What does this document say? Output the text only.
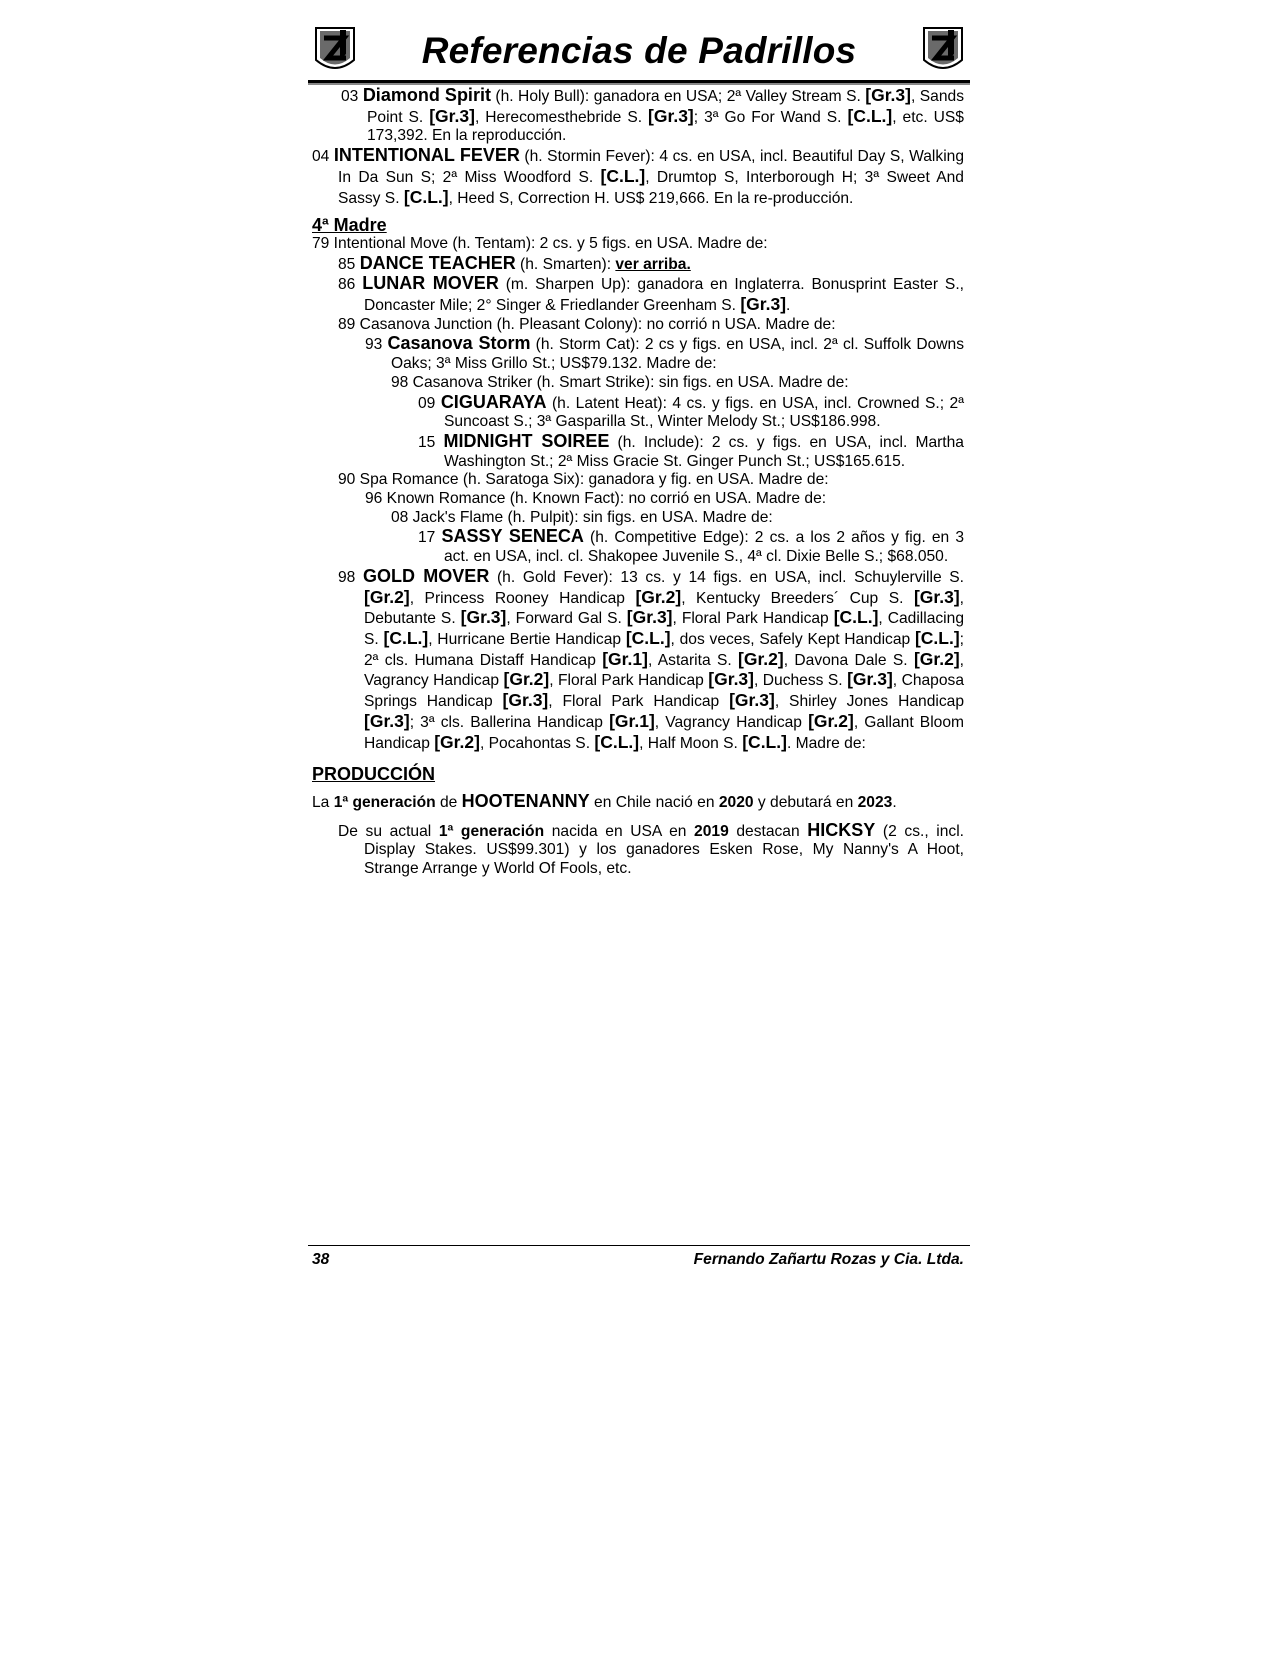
Referencias de Padrillos

03 Diamond Spirit (h. Holy Bull): ganadora en USA; 2ª Valley Stream S. [Gr.3], Sands Point S. [Gr.3], Herecomesthebride S. [Gr.3]; 3ª Go For Wand S. [C.L.], etc. US$ 173,392. En la reproducción.

04 INTENTIONAL FEVER (h. Stormin Fever): 4 cs. en USA, incl. Beautiful Day S, Walking In Da Sun S; 2ª Miss Woodford S. [C.L.], Drumtop S, Interborough H; 3ª Sweet And Sassy S. [C.L.], Heed S, Correction H. US$ 219,666. En la re-producción.

4ª Madre

79 Intentional Move (h. Tentam): 2 cs. y 5 figs. en USA. Madre de:

85 DANCE TEACHER (h. Smarten): ver arriba.

86 LUNAR MOVER (m. Sharpen Up): ganadora en Inglaterra. Bonusprint Easter S., Doncaster Mile; 2° Singer & Friedlander Greenham S. [Gr.3].

89 Casanova Junction (h. Pleasant Colony): no corrió n USA. Madre de:

93 Casanova Storm (h. Storm Cat): 2 cs y figs. en USA, incl. 2ª cl. Suffolk Downs Oaks; 3ª Miss Grillo St.; US$79.132. Madre de:

98 Casanova Striker (h. Smart Strike): sin figs. en USA. Madre de:

09 CIGUARAYA (h. Latent Heat): 4 cs. y figs. en USA, incl. Crowned S.; 2ª Suncoast S.; 3ª Gasparilla St., Winter Melody St.; US$186.998.

15 MIDNIGHT SOIREE (h. Include): 2 cs. y figs. en USA, incl. Martha Washington St.; 2ª Miss Gracie St. Ginger Punch St.; US$165.615.

90 Spa Romance (h. Saratoga Six): ganadora y fig. en USA. Madre de:

96 Known Romance (h. Known Fact): no corrió en USA. Madre de:

08 Jack's Flame (h. Pulpit): sin figs. en USA. Madre de:

17 SASSY SENECA (h. Competitive Edge): 2 cs. a los 2 años y fig. en 3 act. en USA, incl. cl. Shakopee Juvenile S., 4ª cl. Dixie Belle S.; $68.050.

98 GOLD MOVER (h. Gold Fever): 13 cs. y 14 figs. en USA, incl. Schuylerville S. [Gr.2], Princess Rooney Handicap [Gr.2], Kentucky Breeders´ Cup S. [Gr.3], Debutante S. [Gr.3], Forward Gal S. [Gr.3], Floral Park Handicap [C.L.], Cadillacing S. [C.L.], Hurricane Bertie Handicap [C.L.], dos veces, Safely Kept Handicap [C.L.]; 2ª cls. Humana Distaff Handicap [Gr.1], Astarita S. [Gr.2], Davona Dale S. [Gr.2], Vagrancy Handicap [Gr.2], Floral Park Handicap [Gr.3], Duchess S. [Gr.3], Chaposa Springs Handicap [Gr.3], Floral Park Handicap [Gr.3], Shirley Jones Handicap [Gr.3]; 3ª cls. Ballerina Handicap [Gr.1], Vagrancy Handicap [Gr.2], Gallant Bloom Handicap [Gr.2], Pocahontas S. [C.L.], Half Moon S. [C.L.]. Madre de:

PRODUCCIÓN

La 1ª generación de HOOTENANNY en Chile nació en 2020 y debutará en 2023.

De su actual 1ª generación nacida en USA en 2019 destacan HICKSY (2 cs., incl. Display Stakes. US$99.301) y los ganadores Esken Rose, My Nanny's A Hoot, Strange Arrange y World Of Fools, etc.

38	Fernando Zañartu Rozas y Cia. Ltda.
